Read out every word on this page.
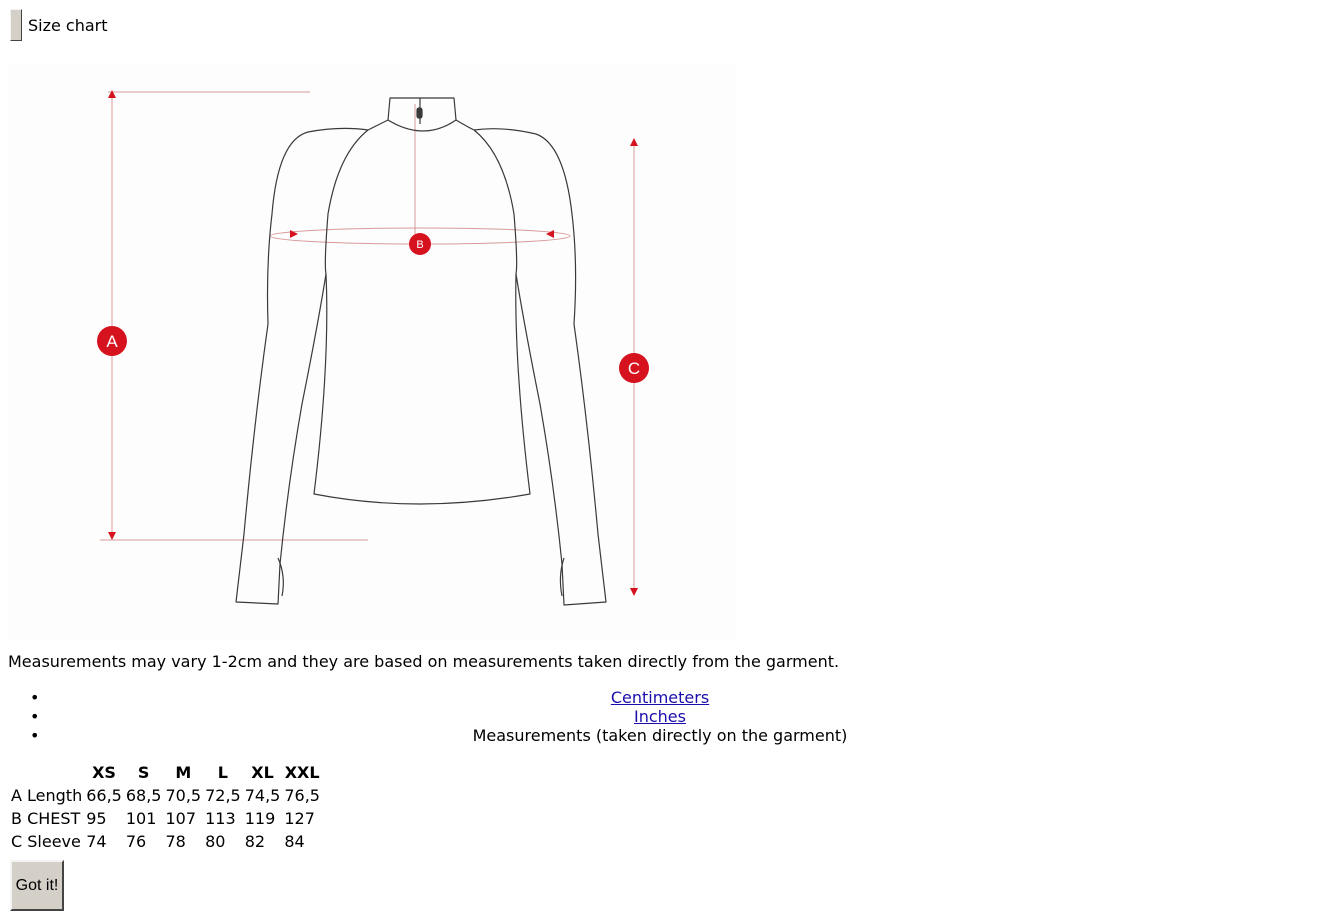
Size chart
A
B
C
Measurements may vary 1-2cm and they are based on measurements taken directly from the garment.
•	Centimeters
•	Inches
•	Measurements (taken directly on the garment)
	XS	S	M	L	XL	XXL
A Length	66,5	68,5	70,5	72,5	74,5	76,5
B CHEST	95	101	107	113	119	127
C Sleeve	74	76	78	80	82	84
Got it!
